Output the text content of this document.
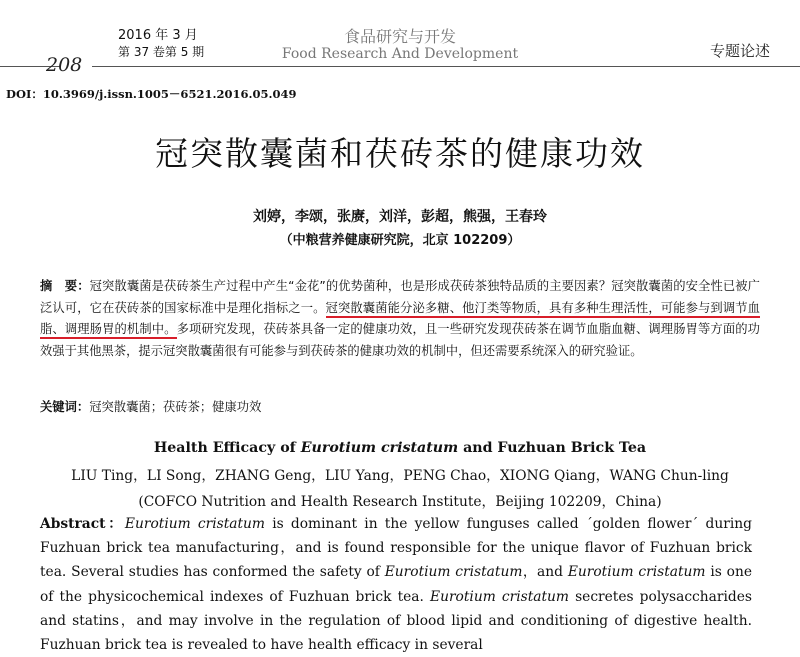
2016 年 3 月
第 37 卷第 5 期
食品研究与开发
Food Research And Development	专题论述
208
DOI：10.3969/j.issn.1005－6521.2016.05.049
冠突散囊菌和茯砖茶的健康功效
刘婷，李颂，张赓，刘洋，彭超，熊强，王春玲
（中粮营养健康研究院，北京 102209）
摘　要：冠突散囊菌是茯砖茶生产过程中产生“金花”的优势菌种，也是形成茯砖茶独特品质的主要因素？冠突散囊菌的安全性已被广泛认可，它在茯砖茶的国家标准中是理化指标之一。冠突散囊菌能分泌多糖、他汀类等物质，具有多种生理活性，可能参与到调节血脂、调理肠胃的机制中。多项研究发现，茯砖茶具备一定的健康功效，且一些研究发现茯砖茶在调节血脂血糖、调理肠胃等方面的功效强于其他黑茶，提示冠突散囊菌很有可能参与到茯砖茶的健康功效的机制中，但还需要系统深入的研究验证。
关键词：冠突散囊菌；茯砖茶；健康功效
Health Efficacy of Eurotium cristatum and Fuzhuan Brick Tea
LIU Ting，LI Song，ZHANG Geng，LIU Yang，PENG Chao，XIONG Qiang，WANG Chun-ling
(COFCO Nutrition and Health Research Institute，Beijing 102209，China)
Abstract：Eurotium cristatum is dominant in the yellow funguses called ´golden flower´ during Fuzhuan brick tea manufacturing，and is found responsible for the unique flavor of Fuzhuan brick tea. Several studies has conformed the safety of Eurotium cristatum，and Eurotium cristatum is one of the physicochemical indexes of Fuzhuan brick tea. Eurotium cristatum secretes polysaccharides and statins，and may involve in the regulation of blood lipid and conditioning of digestive health. Fuzhuan brick tea is revealed to have health efficacy in several
